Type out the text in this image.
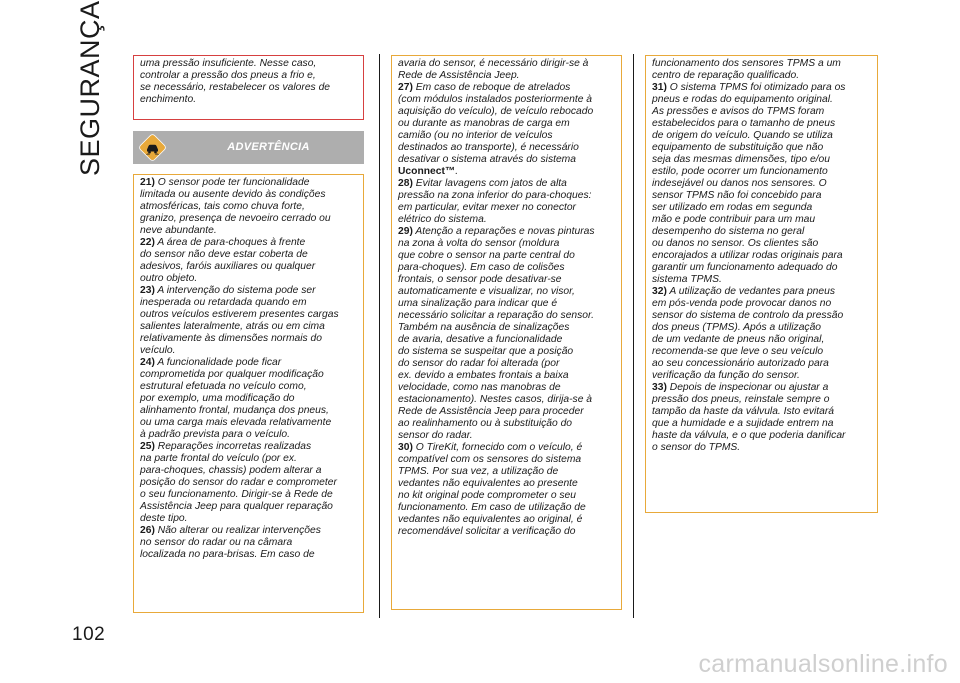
SEGURANÇA	uma pressão insuficiente. Nesse caso,
controlar a pressão dos pneus a frio e,
se necessário, restabelecer os valores de
enchimento.

ADVERTÊNCIA

21) O sensor pode ter funcionalidade
limitada ou ausente devido às condições
atmosféricas, tais como chuva forte,
granizo, presença de nevoeiro cerrado ou
neve abundante.

22) A área de para-choques à frente
do sensor não deve estar coberta de
adesivos, faróis auxiliares ou qualquer
outro objeto.

23) A intervenção do sistema pode ser
inesperada ou retardada quando em
outros veículos estiverem presentes cargas
salientes lateralmente, atrás ou em cima
relativamente às dimensões normais do
veículo.

24) A funcionalidade pode ficar
comprometida por qualquer modificação
estrutural efetuada no veículo como,
por exemplo, uma modificação do
alinhamento frontal, mudança dos pneus,
ou uma carga mais elevada relativamente
à padrão prevista para o veículo.

25) Reparações incorretas realizadas
na parte frontal do veículo (por ex.
para-choques, chassis) podem alterar a
posição do sensor do radar e comprometer
o seu funcionamento. Dirigir-se à Rede de
Assistência Jeep para qualquer reparação
deste tipo.

26) Não alterar ou realizar intervenções
no sensor do radar ou na câmara
localizada no para-brisas. Em caso de

avaria do sensor, é necessário dirigir-se à
Rede de Assistência Jeep.

27) Em caso de reboque de atrelados
(com módulos instalados posteriormente à
aquisição do veículo), de veículo rebocado
ou durante as manobras de carga em
camião (ou no interior de veículos
destinados ao transporte), é necessário
desativar o sistema através do sistema
Uconnect™.

28) Evitar lavagens com jatos de alta
pressão na zona inferior do para-choques:
em particular, evitar mexer no conector
elétrico do sistema.

29) Atenção a reparações e novas pinturas
na zona à volta do sensor (moldura
que cobre o sensor na parte central do
para-choques). Em caso de colisões
frontais, o sensor pode desativar-se
automaticamente e visualizar, no visor,
uma sinalização para indicar que é
necessário solicitar a reparação do sensor.
Também na ausência de sinalizações
de avaria, desative a funcionalidade
do sistema se suspeitar que a posição
do sensor do radar foi alterada (por
ex. devido a embates frontais a baixa
velocidade, como nas manobras de
estacionamento). Nestes casos, dirija-se à
Rede de Assistência Jeep para proceder
ao realinhamento ou à substituição do
sensor do radar.

30) O TireKit, fornecido com o veículo, é
compatível com os sensores do sistema
TPMS. Por sua vez, a utilização de
vedantes não equivalentes ao presente
no kit original pode comprometer o seu
funcionamento. Em caso de utilização de
vedantes não equivalentes ao original, é
recomendável solicitar a verificação do

funcionamento dos sensores TPMS a um
centro de reparação qualificado.

31) O sistema TPMS foi otimizado para os
pneus e rodas do equipamento original.
As pressões e avisos do TPMS foram
estabelecidos para o tamanho de pneus
de origem do veículo. Quando se utiliza
equipamento de substituição que não
seja das mesmas dimensões, tipo e/ou
estilo, pode ocorrer um funcionamento
indesejável ou danos nos sensores. O
sensor TPMS não foi concebido para
ser utilizado em rodas em segunda
mão e pode contribuir para um mau
desempenho do sistema no geral
ou danos no sensor. Os clientes são
encorajados a utilizar rodas originais para
garantir um funcionamento adequado do
sistema TPMS.

32) A utilização de vedantes para pneus
em pós-venda pode provocar danos no
sensor do sistema de controlo da pressão
dos pneus (TPMS). Após a utilização
de um vedante de pneus não original,
recomenda-se que leve o seu veículo
ao seu concessionário autorizado para
verificação da função do sensor.

33) Depois de inspecionar ou ajustar a
pressão dos pneus, reinstale sempre o
tampão da haste da válvula. Isto evitará
que a humidade e a sujidade entrem na
haste da válvula, e o que poderia danificar
o sensor do TPMS.

102
carmanualsonline.info
